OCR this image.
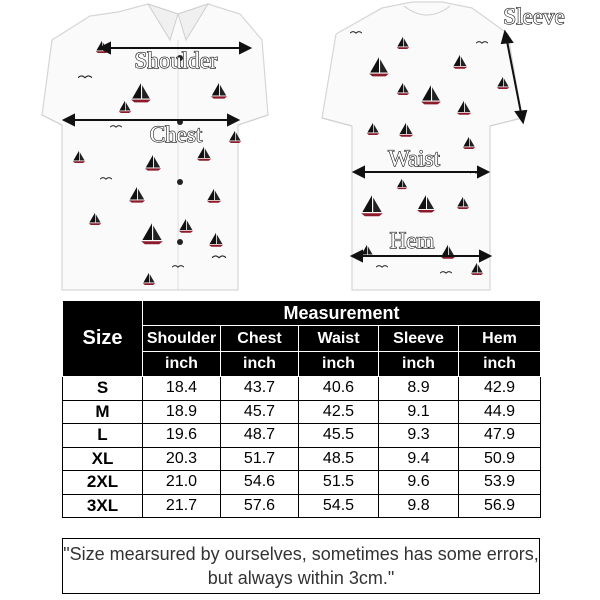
Shoulder
Chest
Sleeve
Waist
Hem
Size	Measurement				
	Shoulder	Chest	Waist	Sleeve	Hem
	inch	inch	inch	inch	inch
S	18.4	43.7	40.6	8.9	42.9
M	18.9	45.7	42.5	9.1	44.9
L	19.6	48.7	45.5	9.3	47.9
XL	20.3	51.7	48.5	9.4	50.9
2XL	21.0	54.6	51.5	9.6	53.9
3XL	21.7	57.6	54.5	9.8	56.9
"Size mearsured by ourselves, sometimes has some errors, but always within 3cm."
